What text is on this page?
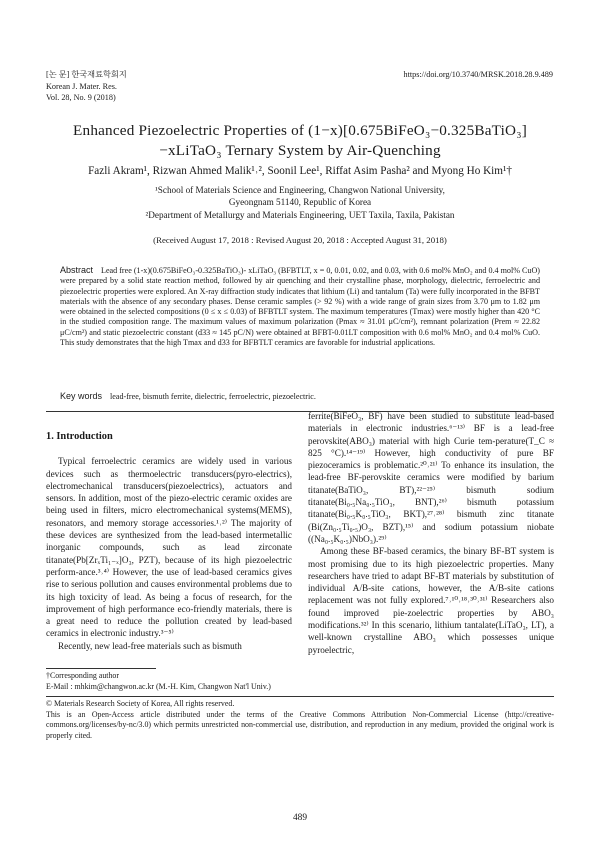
[논 문] 한국재료학회지
Korean J. Mater. Res.
Vol. 28, No. 9 (2018)
https://doi.org/10.3740/MRSK.2018.28.9.489
Enhanced Piezoelectric Properties of (1−x)[0.675BiFeO₃−0.325BaTiO₃]
−xLiTaO₃ Ternary System by Air-Quenching
Fazli Akram¹, Rizwan Ahmed Malik¹˒², Soonil Lee¹, Riffat Asim Pasha² and Myong Ho Kim¹†
¹School of Materials Science and Engineering, Changwon National University,
Gyeongnam 51140, Republic of Korea
²Department of Metallurgy and Materials Engineering, UET Taxila, Taxila, Pakistan
(Received August 17, 2018 : Revised August 20, 2018 : Accepted August 31, 2018)
Abstract Lead free (1-x)(0.675BiFeO₃-0.325BaTiO₃)- xLiTaO₃ (BFBTLT, x = 0, 0.01, 0.02, and 0.03, with 0.6 mol% MnO₂ and 0.4 mol% CuO) were prepared by a solid state reaction method, followed by air quenching and their crystalline phase, morphology, dielectric, ferroelectric and piezoelectric properties were explored. An X-ray diffraction study indicates that lithium (Li) and tantalum (Ta) were fully incorporated in the BFBT materials with the absence of any secondary phases. Dense ceramic samples (> 92 %) with a wide range of grain sizes from 3.70 μm to 1.82 μm were obtained in the selected compositions (0 ≤ x ≤ 0.03) of BFBTLT system. The maximum temperatures (Tmax) were mostly higher than 420 °C in the studied composition range. The maximum values of maximum polarization (Pmax ≈ 31.01 μC/cm²), remnant polarization (Prem ≈ 22.82 μC/cm²) and static piezoelectric constant (d33 ≈ 145 pC/N) were obtained at BFBT-0.01LT composition with 0.6 mol% MnO₂ and 0.4 mol% CuO. This study demonstrates that the high Tmax and d33 for BFBTLT ceramics are favorable for industrial applications.
Key words lead-free, bismuth ferrite, dielectric, ferroelectric, piezoelectric.
1. Introduction

Typical ferroelectric ceramics are widely used in various devices such as thermoelectric transducers(pyro-electrics), electromechanical transducers(piezoelectrics), actuators and sensors. In addition, most of the piezo-electric ceramic oxides are being used in filters, micro electromechanical systems(MEMS), resonators, and memory storage accessories.¹˒²⁾ The majority of these devices are synthesized from the lead-based intermetallic inorganic compounds, such as lead zirconate titanate(Pb[ZrₓTi₁₋ₓ]O₃, PZT), because of its high piezoelectric perform-ance.³˒⁴⁾ However, the use of lead-based ceramics gives rise to serious pollution and causes environmental problems due to its high toxicity of lead. As being a focus of research, for the improvement of high performance eco-friendly materials, there is a great need to reduce the pollution created by lead-based ceramics in electronic industry.³⁻⁵⁾

Recently, new lead-free materials such as bismuth

ferrite(BiFeO₃, BF) have been studied to substitute lead-based materials in electronic industries.⁶⁻¹³⁾ BF is a lead-free perovskite(ABO₃) material with high Curie tem-perature(T_C ≈ 825 °C).¹⁴⁻¹⁹⁾ However, high conductivity of pure BF piezoceramics is problematic.²⁰˒²¹⁾ To enhance its insulation, the lead-free BF-perovskite ceramics were modified by barium titanate(BaTiO₃, BT),²²⁻²⁵⁾ bismuth sodium titanate(Bi₀.₅Na₀.₅TiO₃, BNT),²⁶⁾ bismuth potassium titanate(Bi₀.₅K₀.₅TiO₃, BKT),²⁷˒²⁸⁾ bismuth zinc titanate (Bi(Zn₀.₅Ti₀.₅)O₃, BZT),¹⁵⁾ and sodium potassium niobate ((Na₀.₅K₀.₅)NbO₃).²⁹⁾

Among these BF-based ceramics, the binary BF-BT system is most promising due to its high piezoelectric properties. Many researchers have tried to adapt BF-BT materials by substitution of individual A/B-site cations, however, the A/B-site cations replacement was not fully explored.⁷˒¹⁰˒¹⁸˒³⁰˒³¹⁾ Researchers also found improved pie-zoelectric properties by ABO₃ modifications.³²⁾ In this scenario, lithium tantalate(LiTaO₃, LT), a well-known crystalline ABO₃ which possesses unique pyroelectric,

†Corresponding author
E-Mail : mhkim@changwon.ac.kr (M.-H. Kim, Changwon Nat'l Univ.)
© Materials Research Society of Korea, All rights reserved.
This is an Open-Access article distributed under the terms of the Creative Commons Attribution Non-Commercial License (http://creative-commons.org/licenses/by-nc/3.0) which permits unrestricted non-commercial use, distribution, and reproduction in any medium, provided the original work is properly cited.
489
